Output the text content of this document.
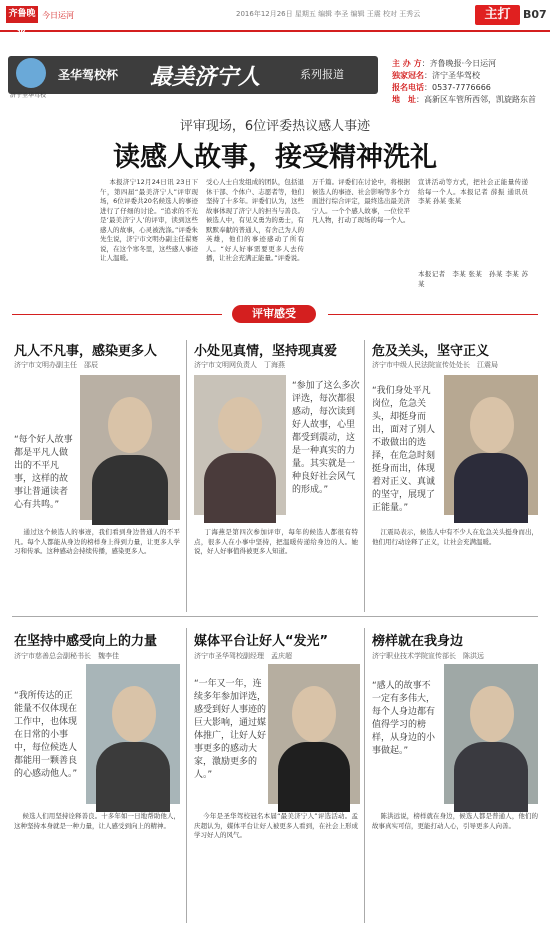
齐鲁晚报
今日运河	2016年12月26日 星期五 编辑 李圣 编辑 王震 校对 王秀云	主打	B07
济宁圣华驾校
圣华驾校杯 最美济宁人	系列报道
主 办 方：齐鲁晚报·今日运河
独家冠名：济宁圣华驾校
报名电话：0537-7776666
地　址：高新区车管所西邻，凯旋路东首
评审现场，6位评委热议感人事迹
读感人故事，接受精神洗礼
本报济宁12月24日讯 23日下午，第四届“最美济宁人”评审现场，6位评委共20名候选人的事迹进行了仔细的讨论。“追求的不光是‘最美济宁人’的评审，读到这些感人的故事，心灵被洗涤。”评委朱先生说，济宁市文明办副主任翟赛说，在这个寒冬里，这些感人事迹让人温暖。
受心人士自发组成的团队，包括退休干部、个体户、志愿者等，他们坚持了十多年。评委们认为，这些故事体现了济宁人的担当与善良。候选人中，有见义勇为的勇士，有默默奉献的普通人，有舍己为人的英雄，他们的事迹感动了所有人。“好人好事需要更多人去传播，让社会充满正能量。”评委说。
万千篇。评委们在讨论中，将根据候选人的事迹、社会影响等多个方面进行综合评定，最终选出最美济宁人。一个个感人故事，一位位平凡人物，打动了现场的每一个人。
宣讲活动等方式，把社会正能量传递给每一个人。本报记者 薛振 通讯员 李某 孙某 张某
本报记者　李某 张某　孙某 李某 苏某
评审感受
凡人不凡事，感染更多人
济宁市文明办副主任　邵辰
“每个好人故事都是平凡人做出的不平凡事，这样的故事让普通读者心有共鸣。”
通过这个候选人的事迹，我们看到身边普通人的不平凡。每个人都能从身边的榜样身上得到力量，让更多人学习和传承。这种感动会持续传播，感染更多人。
小处见真情，坚持现真爱
济宁市文明网负责人　丁海燕
“参加了这么多次评选，每次都很感动，每次读到好人故事，心里都受到震动，这是一种真实的力量。其实就是一种良好社会风气的形成。”
丁海燕是第四次参加评审，每年的候选人都很有特点，很多人在小事中坚持，把温暖传递给身边的人。她说，好人好事值得被更多人知道。
危及关头，坚守正义
济宁市中级人民法院宣传处处长　江震局
“我们身处平凡岗位，危急关头，却挺身而出，面对了别人不敢做出的选择，在危急时刻挺身而出，体现着对正义、真诚的坚守，展现了正能量。”
江震局表示，候选人中有不少人在危急关头挺身而出，他们用行动诠释了正义，让社会充满温暖。
在坚持中感受向上的力量
济宁市慈善总会副秘书长　魏李佳
“我所传达的正能量不仅体现在工作中，也体现在日常的小事中，每位候选人都能用一颗善良的心感动他人。”
候选人们用坚持诠释善良。十多年如一日地帮助他人，这种坚持本身就是一种力量，让人感受到向上的精神。
媒体平台让好人“发光”
济宁市圣华驾校副经理　孟庆超
“一年又一年，连续多年参加评选，感受到好人事迹的巨大影响，通过媒体推广，让好人好事更多的感动大家，激励更多的人。”
今年是圣华驾校冠名本届“最美济宁人”评选活动。孟庆超认为，媒体平台让好人被更多人看到，在社会上形成学习好人的风气。
榜样就在我身边
济宁职业技术学院宣传部长　陈洪远
“感人的故事不一定有多伟大，每个人身边都有值得学习的榜样，从身边的小事做起。”
陈洪远说，榜样就在身边，候选人都是普通人，他们的故事真实可信，更能打动人心，引导更多人向善。
